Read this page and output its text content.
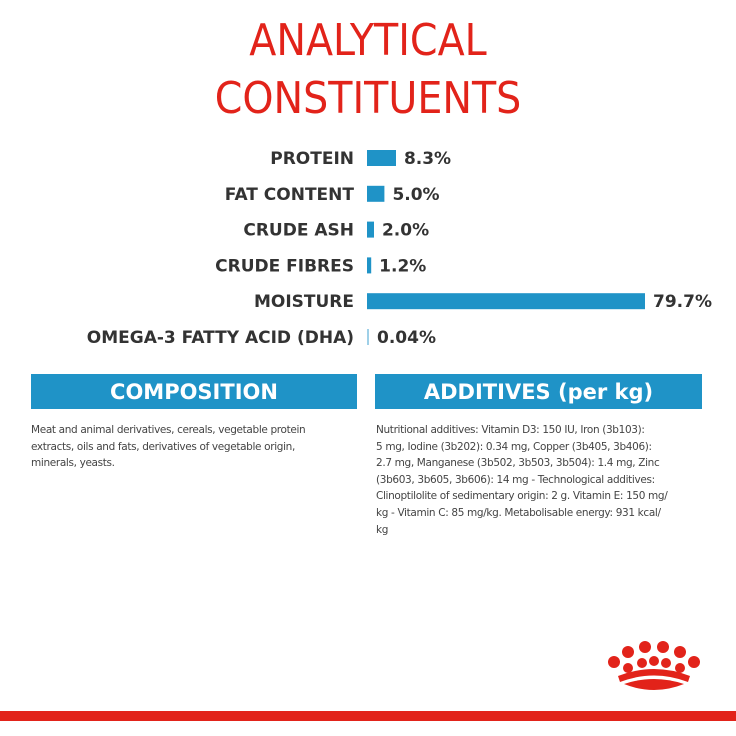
ANALYTICAL
CONSTITUENTS
PROTEIN	8.3%
FAT CONTENT 5.0%
CRUDE ASH 2.0%
CRUDE FIBRES 1.2%
MOISTURE	79.7%
OMEGA-3 FATTY ACID (DHA) 0.04%
COMPOSITION
Meat and animal derivatives, cereals, vegetable protein
extracts, oils and fats, derivatives of vegetable origin,
minerals, yeasts.
ADDITIVES (per kg)
Nutritional additives: Vitamin D3: 150 IU, Iron (3b103):
5 mg, Iodine (3b202): 0.34 mg, Copper (3b405, 3b406):
2.7 mg, Manganese (3b502, 3b503, 3b504): 1.4 mg, Zinc
(3b603, 3b605, 3b606): 14 mg - Technological additives:
Clinoptilolite of sedimentary origin: 2 g. Vitamin E: 150 mg/
kg - Vitamin C: 85 mg/kg. Metabolisable energy: 931 kcal/
kg
